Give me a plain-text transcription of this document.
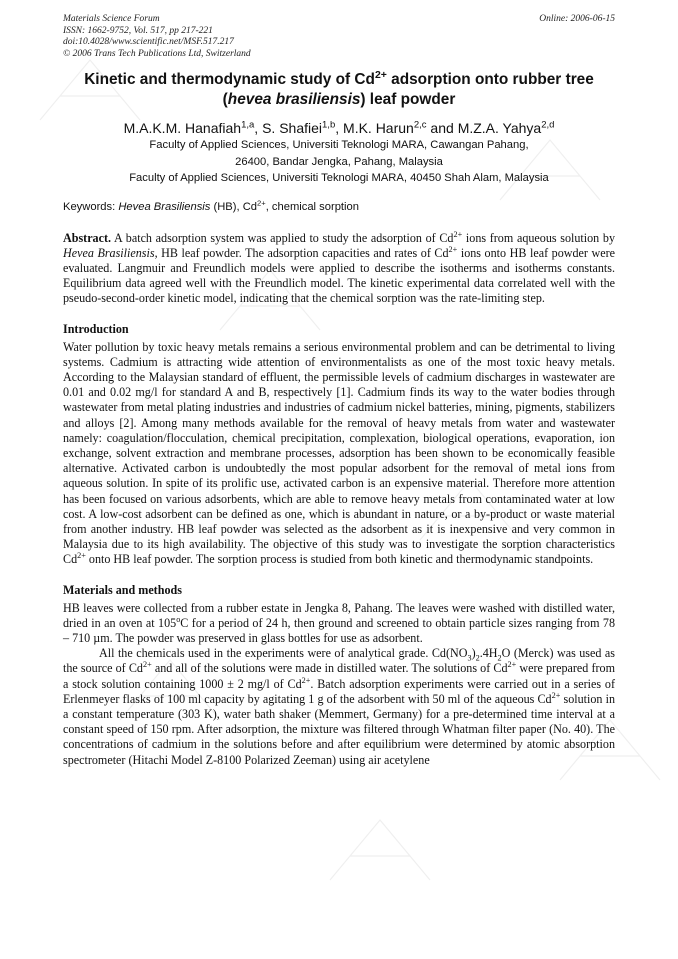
Materials Science Forum
ISSN: 1662-9752, Vol. 517, pp 217-221
doi:10.4028/www.scientific.net/MSF.517.217
© 2006 Trans Tech Publications Ltd, Switzerland
Online: 2006-06-15
Kinetic and thermodynamic study of $Cd^{2+}$ adsorption onto rubber tree
(hevea brasiliensis) leaf powder
M.A.K.M. Hanafiah$^{1,a}$, S. Shafiei$^{1,b}$, M.K. Harun$^{2,c}$ and M.Z.A. Yahya$^{2,d}$
Faculty of Applied Sciences, Universiti Teknologi MARA, Cawangan Pahang,
26400, Bandar Jengka, Pahang, Malaysia
Faculty of Applied Sciences, Universiti Teknologi MARA, 40450 Shah Alam, Malaysia
Keywords: Hevea Brasiliensis (HB), $Cd^{2+}$, chemical sorption

Abstract. A batch adsorption system was applied to study the adsorption of $Cd^{2+}$ ions from aqueous solution by Hevea Brasiliensis, HB leaf powder. The adsorption capacities and rates of $Cd^{2+}$ ions onto HB leaf powder were evaluated. Langmuir and Freundlich models were applied to describe the isotherms and isotherms constants. Equilibrium data agreed well with the Freundlich model. The kinetic experimental data correlated well with the pseudo-second-order kinetic model, indicating that the chemical sorption was the rate-limiting step.

Introduction

Water pollution by toxic heavy metals remains a serious environmental problem and can be detrimental to living systems. Cadmium is attracting wide attention of environmentalists as one of the most toxic heavy metals. According to the Malaysian standard of effluent, the permissible levels of cadmium discharges in wastewater are 0.01 and 0.02 mg/l for standard A and B, respectively [1]. Cadmium finds its way to the water bodies through wastewater from metal plating industries and industries of cadmium nickel batteries, mining, pigments, stabilizers and alloys [2]. Among many methods available for the removal of heavy metals from water and wastewater namely: coagulation/flocculation, chemical precipitation, complexation, biological operations, evaporation, ion exchange, solvent extraction and membrane processes, adsorption has been shown to be economically feasible alternative. Activated carbon is undoubtedly the most popular adsorbent for the removal of metal ions from aqueous solution. In spite of its prolific use, activated carbon is an expensive material. Therefore more attention has been focused on various adsorbents, which are able to remove heavy metals from contaminated water at low cost. A low-cost adsorbent can be defined as one, which is abundant in nature, or a by-product or waste material from another industry. HB leaf powder was selected as the adsorbent as it is inexpensive and very common in Malaysia due to its high availability. The objective of this study was to investigate the sorption characteristics $Cd^{2+}$ onto HB leaf powder. The sorption process is studied from both kinetic and thermodynamic standpoints.

Materials and methods

HB leaves were collected from a rubber estate in Jengka 8, Pahang. The leaves were washed with distilled water, dried in an oven at 105$^o$C for a period of 24 h, then ground and screened to obtain particle sizes ranging from 78 – 710 µm. The powder was preserved in glass bottles for use as adsorbent.

All the chemicals used in the experiments were of analytical grade. $Cd(NO_3)_2.4H_2O$ (Merck) was used as the source of $Cd^{2+}$ and all of the solutions were made in distilled water. The solutions of $Cd^{2+}$ were prepared from a stock solution containing 1000 ± 2 mg/l of $Cd^{2+}$. Batch adsorption experiments were carried out in a series of Erlenmeyer flasks of 100 ml capacity by agitating 1 g of the adsorbent with 50 ml of the aqueous $Cd^{2+}$ solution in a constant temperature (303 K), water bath shaker (Memmert, Germany) for a pre-determined time interval at a constant speed of 150 rpm. After adsorption, the mixture was filtered through Whatman filter paper (No. 40). The concentrations of cadmium in the solutions before and after equilibrium were determined by atomic absorption spectrometer (Hitachi Model Z-8100 Polarized Zeeman) using air acetylene
